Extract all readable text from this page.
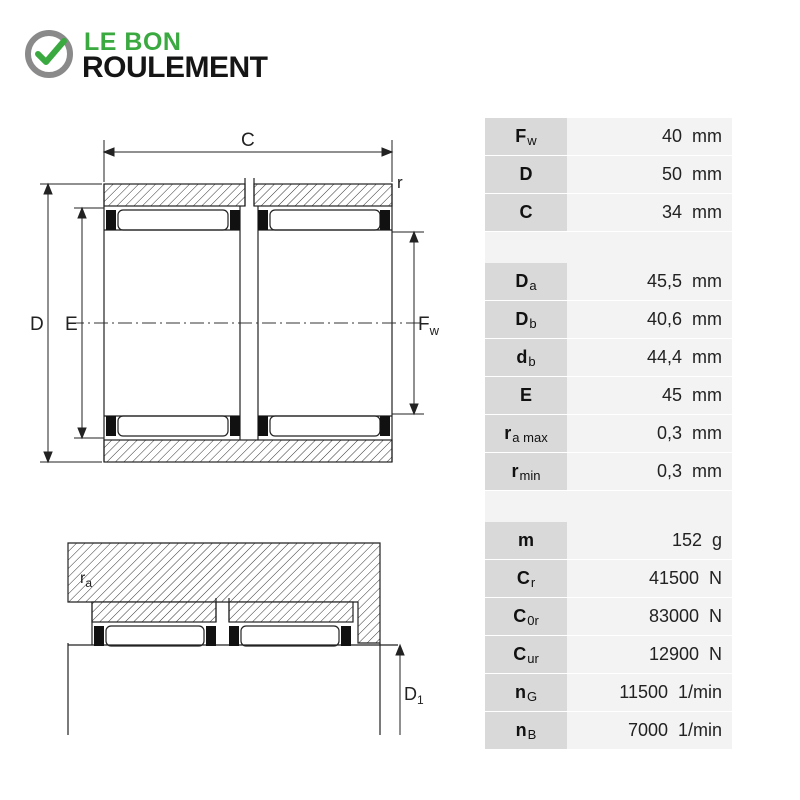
LE BON
ROULEMENT
C
r
D E	$F_w$
$r_a$
$D_1$
$F_w$	40 mm
D	50 mm
C	34 mm
$D_a$	45,5 mm
$D_b$	40,6 mm
$d_b$	44,4 mm
E	45 mm
$r_{a max}$	0,3 mm
$r_{min}$	0,3 mm
m	152 g
$C_r$	41500 N
$C_{0r}$	83000 N
$C_{ur}$	12900 N
$n_G$	11500 1/min
$n_B$	7000 1/min
